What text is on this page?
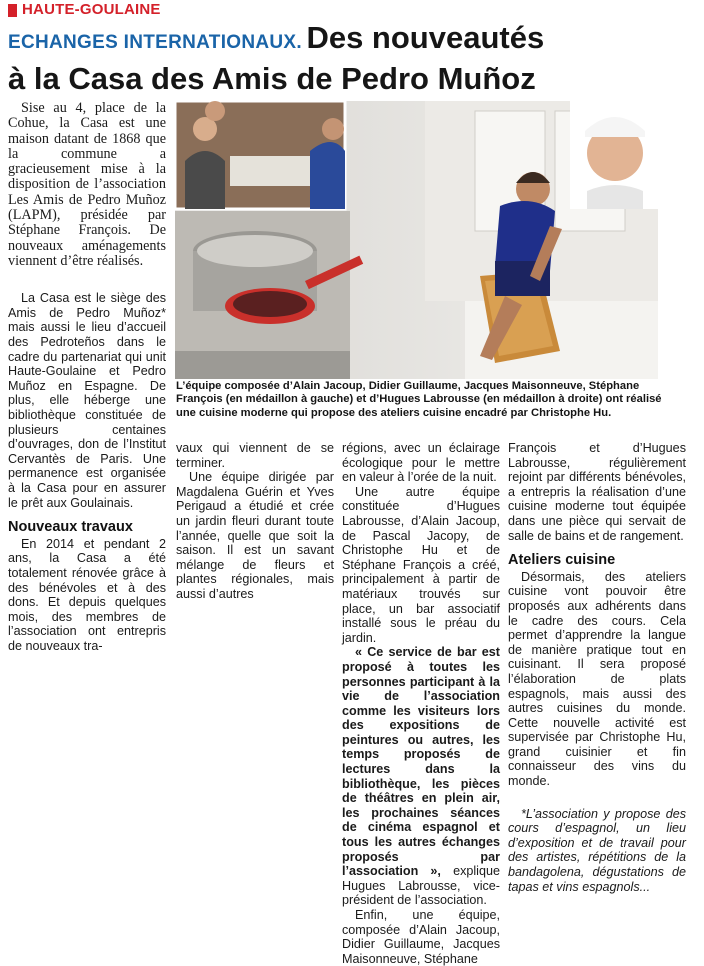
HAUTE-GOULAINE
ECHANGES INTERNATIONAUX. Des nouveautés
à la Casa des Amis de Pedro Muñoz

Sise au 4, place de la Cohue, la Casa est une maison datant de 1868 que la commune a gracieusement mise à la disposition de l’association Les Amis de Pedro Muñoz (LAPM), présidée par Stéphane François. De nouveaux aménagements viennent d’être réalisés.

La Casa est le siège des Amis de Pedro Muñoz* mais aussi le lieu d’accueil des Pedroteños dans le cadre du partenariat qui unit Haute-Goulaine et Pedro Muñoz en Espagne. De plus, elle héberge une bibliothèque constituée de plusieurs centaines d’ouvrages, don de l’Institut Cervantès de Paris. Une permanence est organisée à la Casa pour en assurer le prêt aux Goulainais.

Nouveaux travaux

En 2014 et pendant 2 ans, la Casa a été totalement rénovée grâce à des bénévoles et à des dons. Et depuis quelques mois, des membres de l’association ont entrepris de nouveaux tra-

L’équipe composée d’Alain Jacoup, Didier Guillaume, Jacques Maisonneuve, Stéphane François (en médaillon à gauche) et d’Hugues Labrousse (en médaillon à droite) ont réalisé une cuisine moderne qui propose des ateliers cuisine encadré par Christophe Hu.

vaux qui viennent de se terminer.

Une équipe dirigée par Magdalena Guérin et Yves Perigaud a étudié et crée un jardin fleuri durant toute l’année, quelle que soit la saison. Il est un savant mélange de fleurs et plantes régionales, mais aussi d’autres

régions, avec un éclairage écologique pour le mettre en valeur à l’orée de la nuit.

Une autre équipe constituée d’Hugues Labrousse, d’Alain Jacoup, de Pascal Jacopy, de Christophe Hu et de Stéphane François a créé, principalement à partir de matériaux trouvés sur place, un bar associatif installé sous le préau du jardin.

« Ce service de bar est proposé à toutes les personnes participant à la vie de l’association comme les visiteurs lors des expositions de peintures ou autres, les temps proposés de lectures dans la bibliothèque, les pièces de théâtres en plein air, les prochaines séances de cinéma espagnol et tous les autres échanges proposés par l’association », explique Hugues Labrousse, vice-président de l’association.

Enfin, une équipe, composée d’Alain Jacoup, Didier Guillaume, Jacques Maisonneuve, Stéphane

François et d’Hugues Labrousse, régulièrement rejoint par différents bénévoles, a entrepris la réalisation d’une cuisine moderne tout équipée dans une pièce qui servait de salle de bains et de rangement.

Ateliers cuisine

Désormais, des ateliers cuisine vont pouvoir être proposés aux adhérents dans le cadre des cours. Cela permet d’apprendre la langue de manière pratique tout en cuisinant. Il sera proposé l’élaboration de plats espagnols, mais aussi des autres cuisines du monde. Cette nouvelle activité est supervisée par Christophe Hu, grand cuisinier et fin connaisseur des vins du monde.

*L’association y propose des cours d’espagnol, un lieu d’exposition et de travail pour des artistes, répétitions de la bandagolena, dégustations de tapas et vins espagnols...
